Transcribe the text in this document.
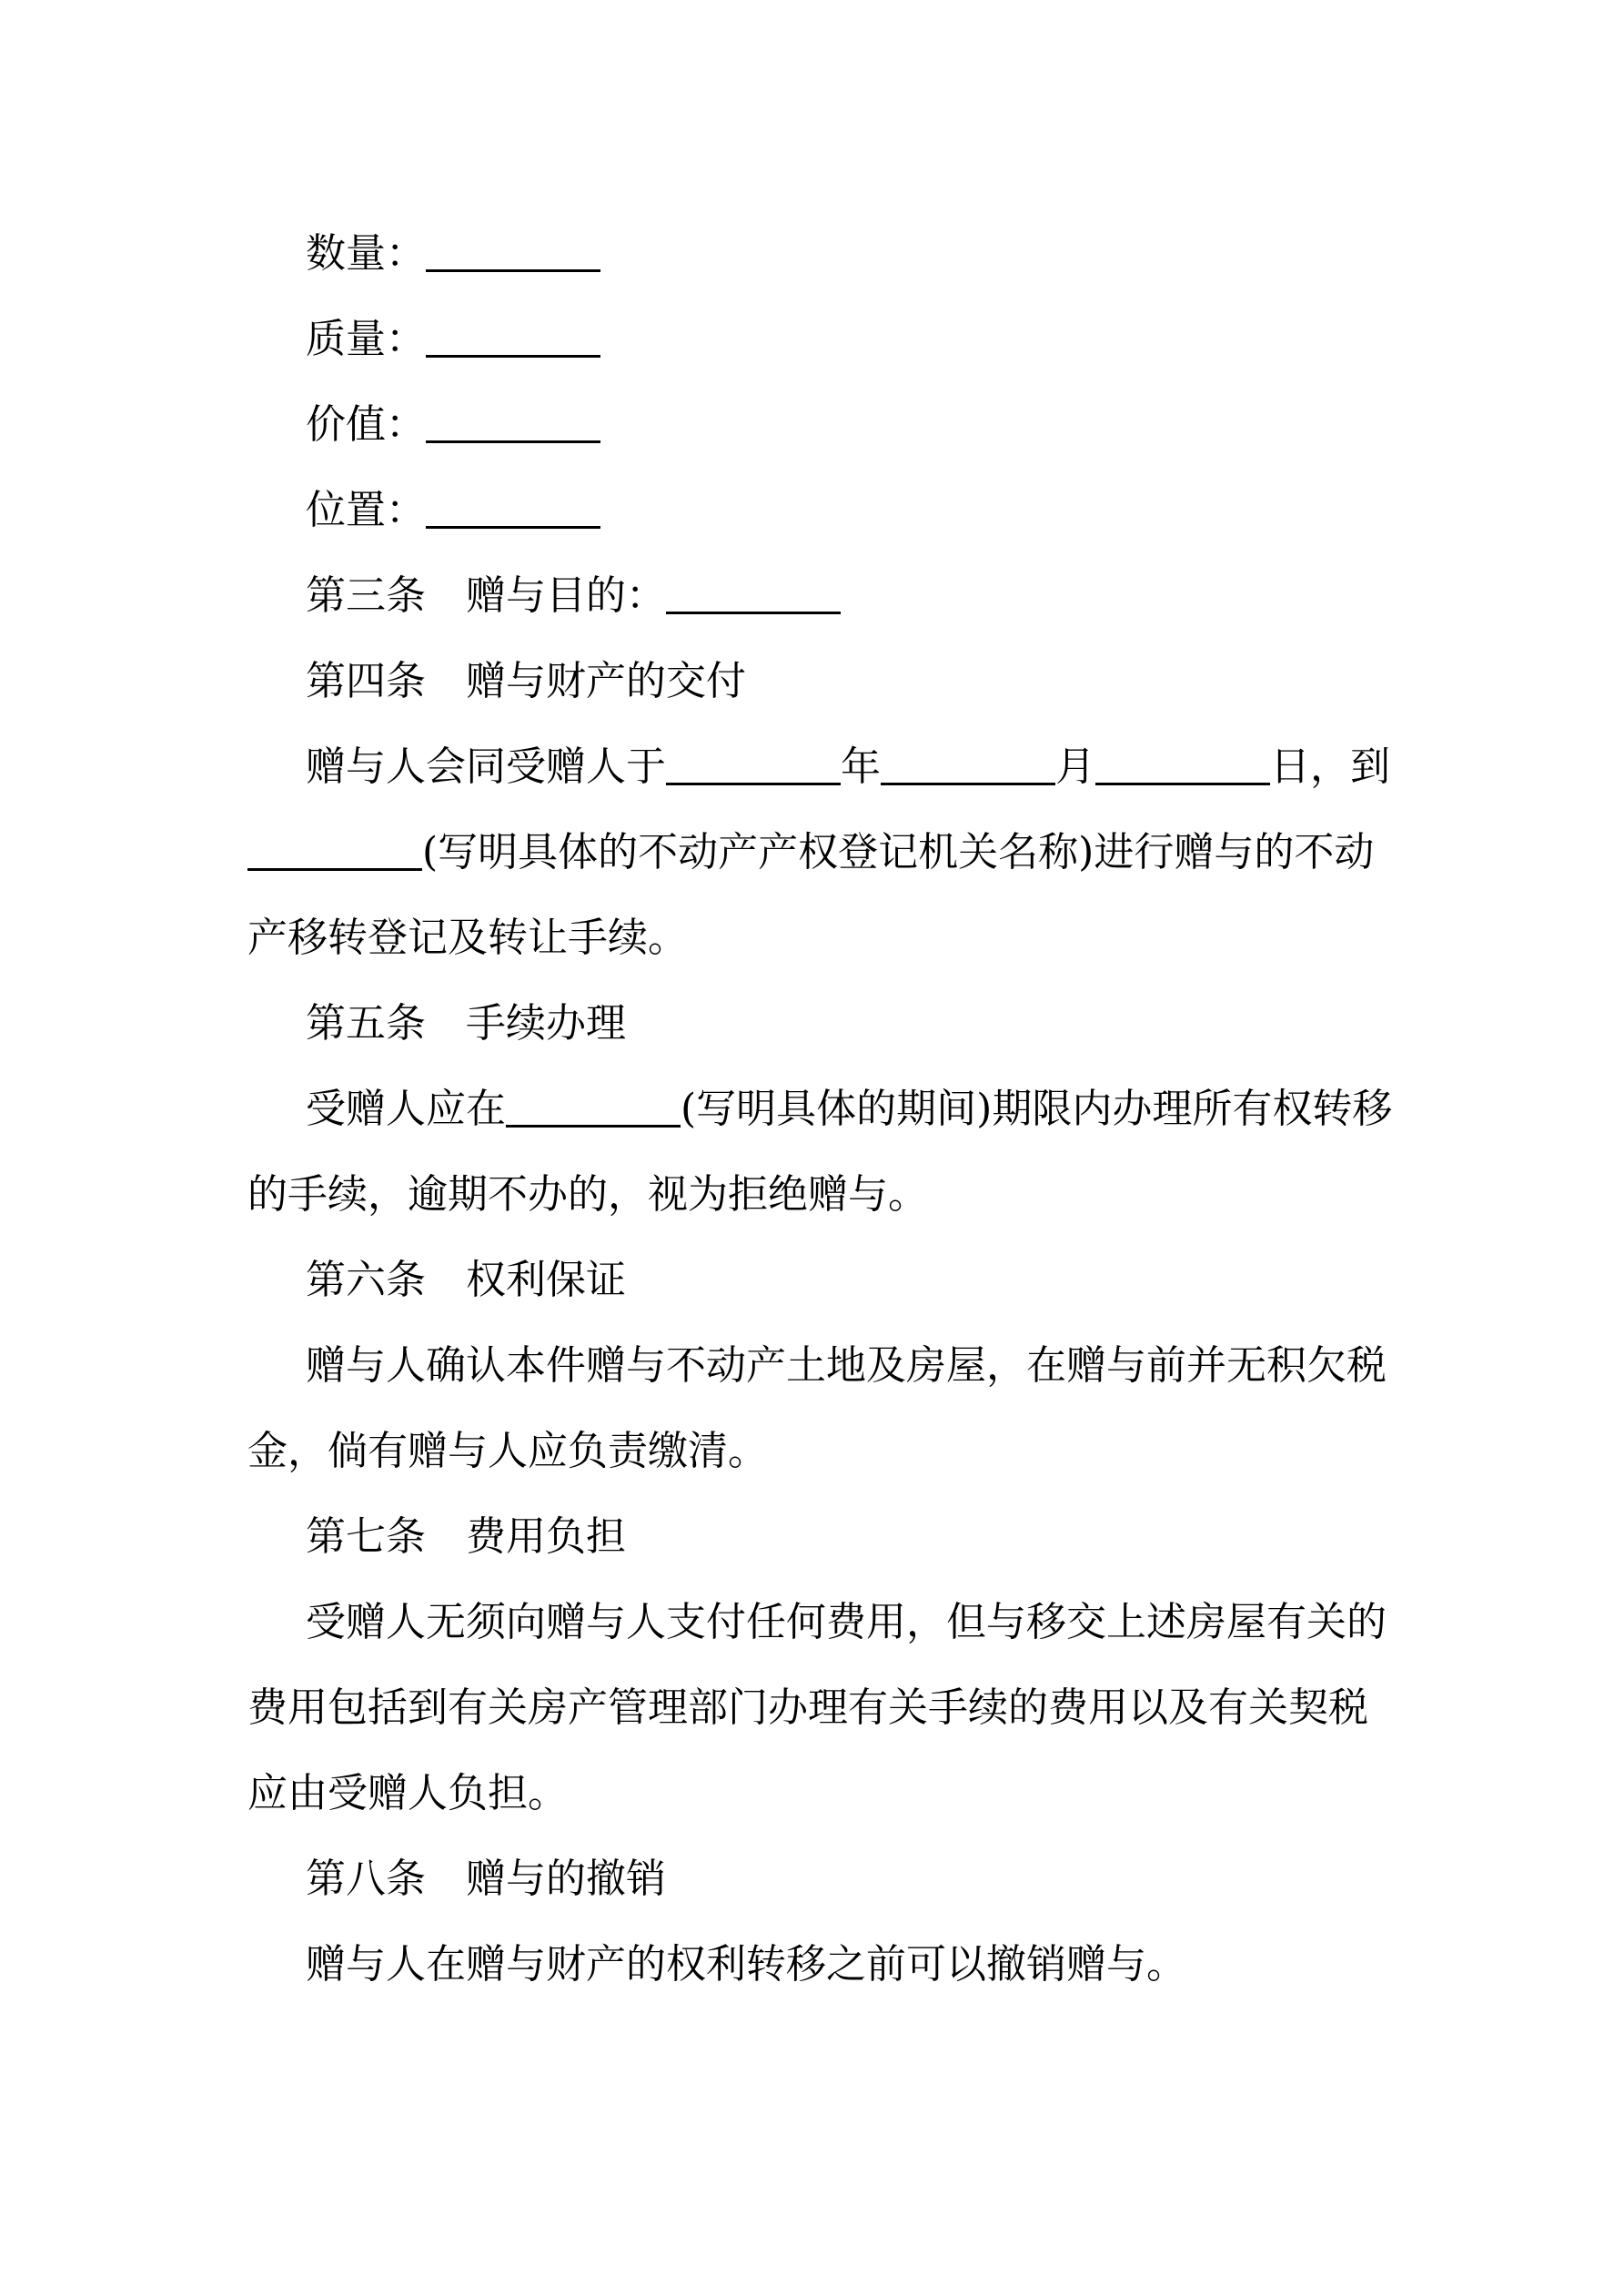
数量：
质量：
价值：
位置：
第三条 赠与目的：
第四条 赠与财产的交付
赠与人会同受赠人于	年	月	日，到
(写明具体的不动产产权登记机关名称)进行赠与的不动
产移转登记及转让手续。
第五条 手续办理
受赠人应在	(写明具体的期间)期限内办理所有权转移
的手续，逾期不办的，视为拒绝赠与。
第六条 权利保证
赠与人确认本件赠与不动产土地及房屋，在赠与前并无积欠税
金，倘有赠与人应负责缴清。
第七条 费用负担
受赠人无须向赠与人支付任何费用，但与移交上述房屋有关的
费用包括到有关房产管理部门办理有关手续的费用以及有关契税
应由受赠人负担。
第八条 赠与的撤销
赠与人在赠与财产的权利转移之前可以撤销赠与。
